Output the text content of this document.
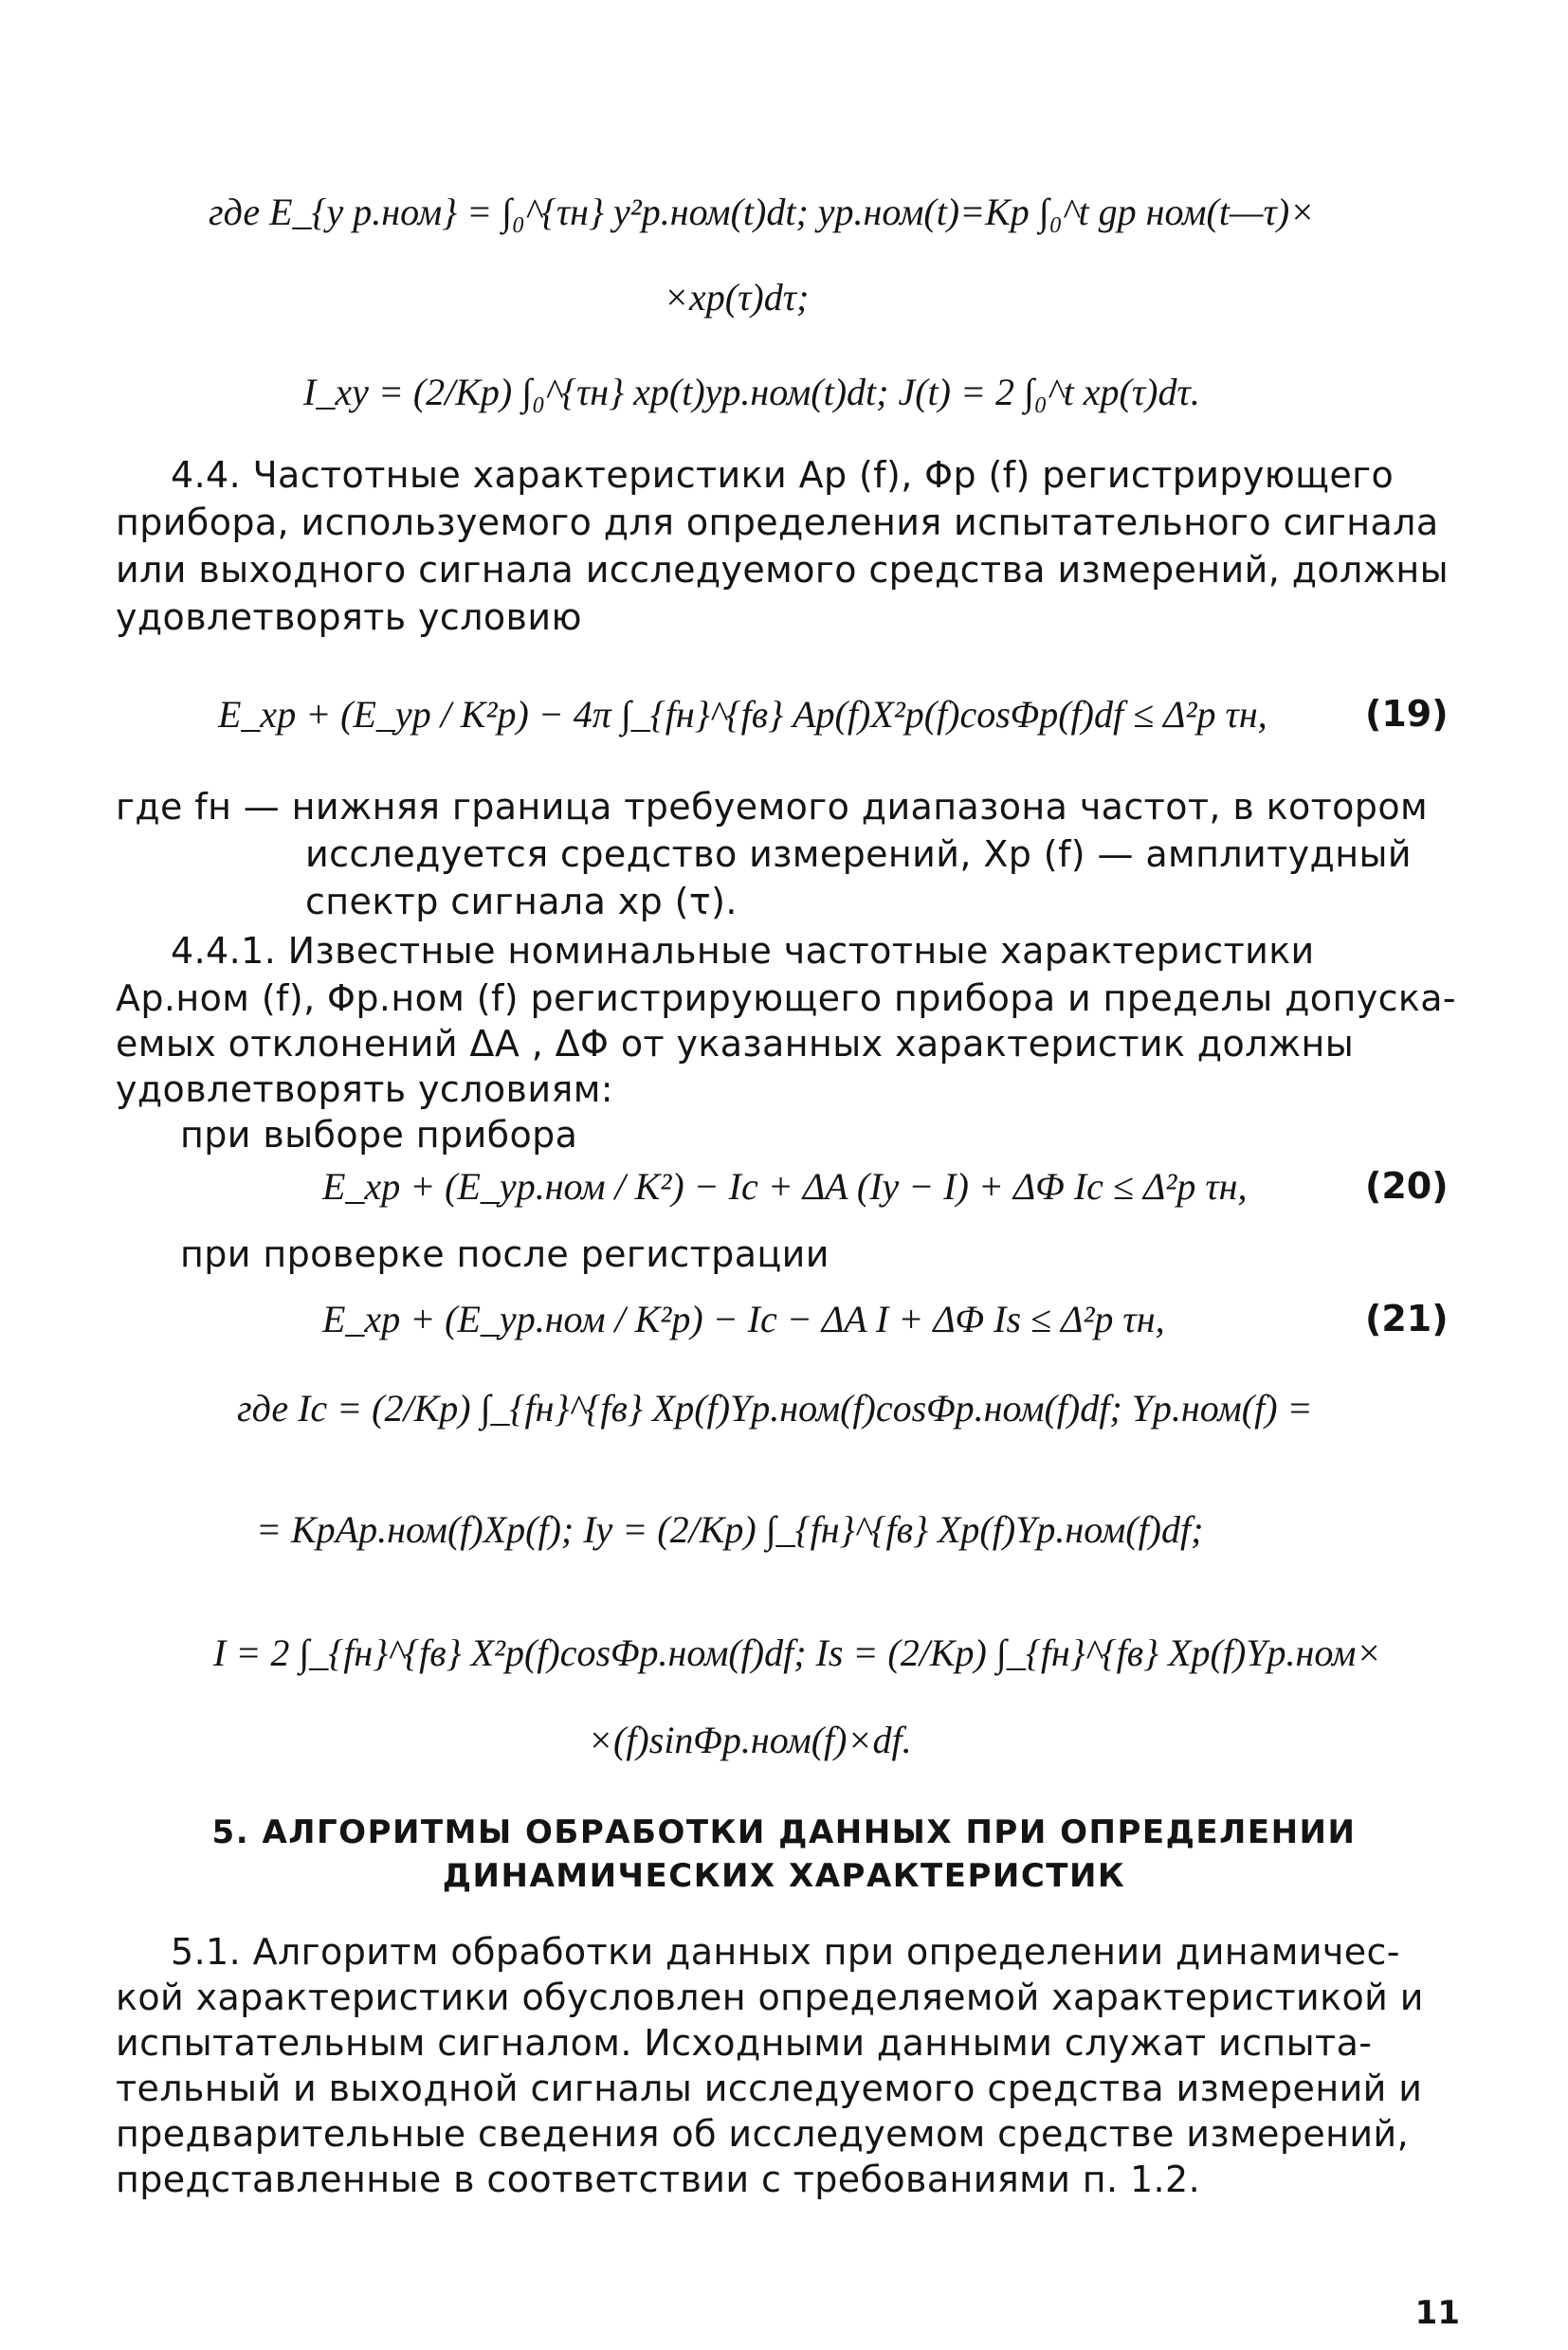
где E_{y р.ном} = ∫₀^{τн} y²р.ном(t)dt; yр.ном(t)=Kр ∫₀^t gр ном(t—τ)×
×xр(τ)dτ;
I_xy = (2/Kр) ∫₀^{τн} xр(t)yр.ном(t)dt; J(t) = 2 ∫₀^t xр(τ)dτ.
4.4. Частотные характеристики Aр (f), Φр (f) регистрирующего
прибора, используемого для определения испытательного сигнала
или выходного сигнала исследуемого средства измерений, должны
удовлетворять условию
E_xр + (E_yр / K²р) − 4π ∫_{fн}^{fв} Aр(f)X²р(f)cosΦр(f)df ≤ Δ²р τн,	(19)
где fн — нижняя граница требуемого диапазона частот, в котором
исследуется средство измерений, Xр (f) — амплитудный
спектр сигнала xр (τ).
4.4.1. Известные номинальные частотные характеристики
Aр.ном (f), Φр.ном (f) регистрирующего прибора и пределы допуска-
емых отклонений ΔA , ΔΦ от указанных характеристик должны
удовлетворять условиям:
при выборе прибора
E_xр + (E_yр.ном / K²) − Ic + ΔA (Iy − I) + ΔΦ Ic ≤ Δ²р τн,	(20)
при проверке после регистрации
E_xр + (E_yр.ном / K²р) − Ic − ΔA I + ΔΦ Is ≤ Δ²р τн,	(21)
где Ic = (2/Kр) ∫_{fн}^{fв} Xр(f)Yр.ном(f)cosΦр.ном(f)df; Yр.ном(f) =
= KрAр.ном(f)Xр(f); Iy = (2/Kр) ∫_{fн}^{fв} Xр(f)Yр.ном(f)df;
I = 2 ∫_{fн}^{fв} X²р(f)cosΦр.ном(f)df; Is = (2/Kр) ∫_{fн}^{fв} Xр(f)Yр.ном×
×(f)sinΦр.ном(f)×df.
5. АЛГОРИТМЫ ОБРАБОТКИ ДАННЫХ ПРИ ОПРЕДЕЛЕНИИ
ДИНАМИЧЕСКИХ ХАРАКТЕРИСТИК
5.1. Алгоритм обработки данных при определении динамичес-
кой характеристики обусловлен определяемой характеристикой и
испытательным сигналом. Исходными данными служат испыта-
тельный и выходной сигналы исследуемого средства измерений и
предварительные сведения об исследуемом средстве измерений,
представленные в соответствии с требованиями п. 1.2.
11
